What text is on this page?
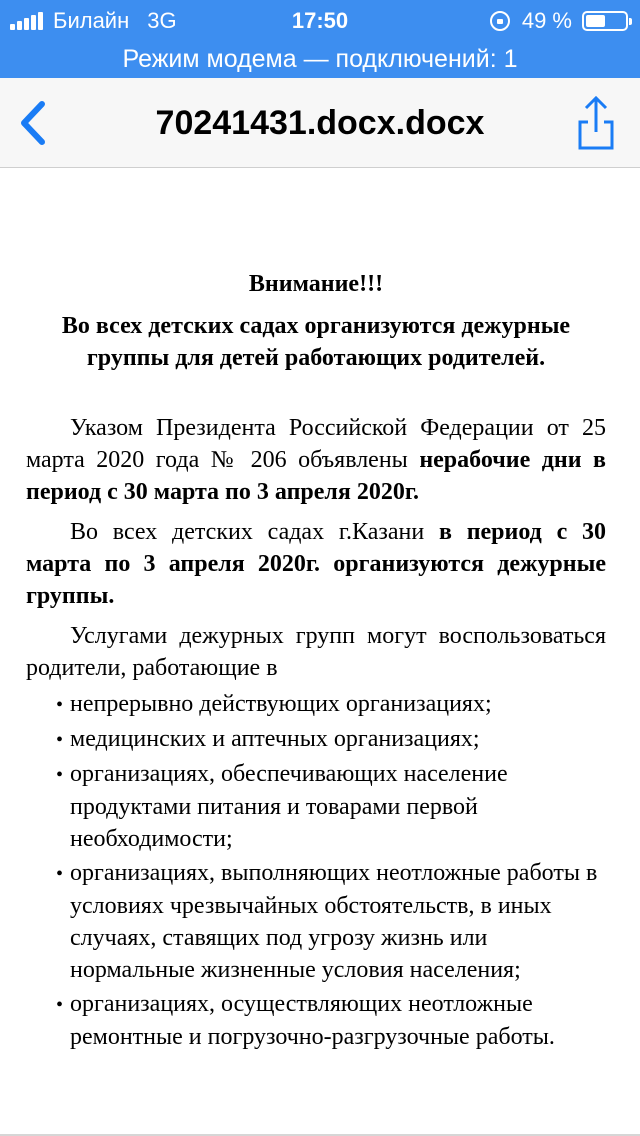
Билайн 3G	17:50	49 %
Режим модема — подключений: 1
70241431.docx.docx
Внимание!!!
Во всех детских садах организуются дежурные группы для детей работающих родителей.
Указом Президента Российской Федерации от 25 марта 2020 года № 206 объявлены нерабочие дни в период с 30 марта по 3 апреля 2020г.
Во всех детских садах г.Казани в период с 30 марта по 3 апреля 2020г. организуются дежурные группы.
Услугами дежурных групп могут воспользоваться родители, работающие в
• непрерывно действующих организациях;
• медицинских и аптечных организациях;
• организациях, обеспечивающих население продуктами питания и товарами первой необходимости;
• организациях, выполняющих неотложные работы в условиях чрезвычайных обстоятельств, в иных случаях, ставящих под угрозу жизнь или нормальные жизненные условия населения;
• организациях, осуществляющих неотложные ремонтные и погрузочно-разгрузочные работы.
